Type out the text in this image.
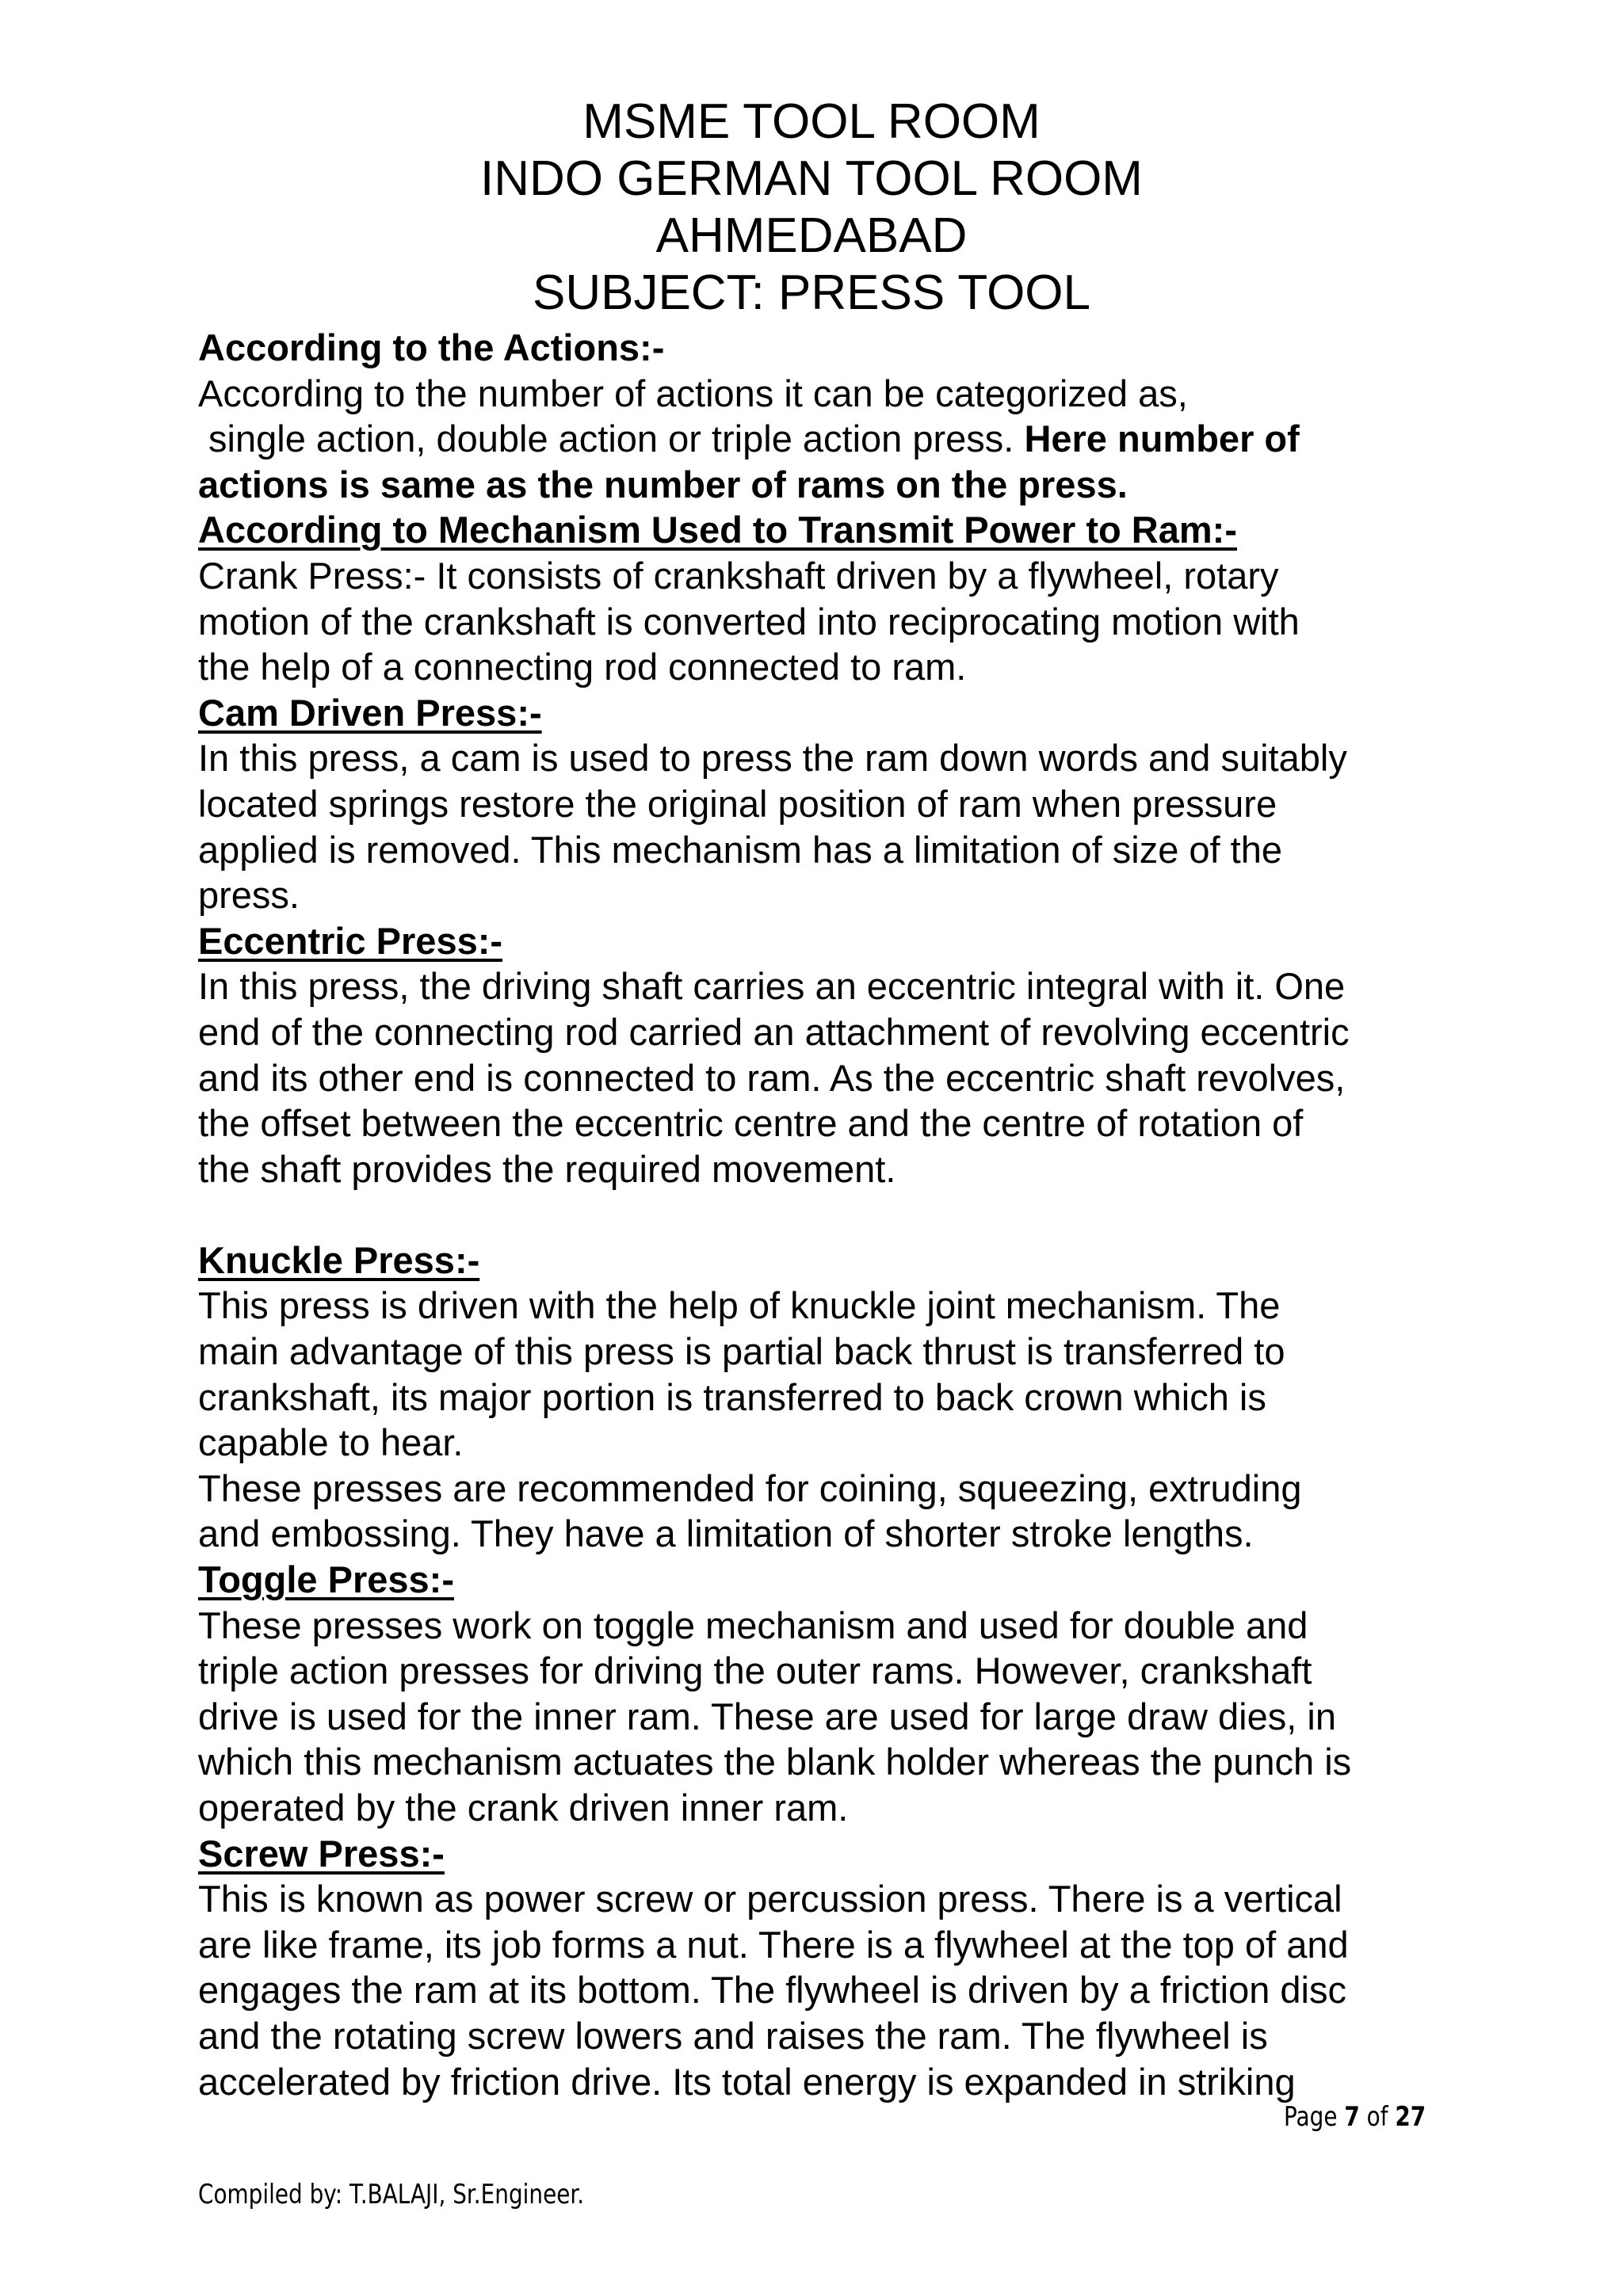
MSME TOOL ROOM
INDO GERMAN TOOL ROOM
AHMEDABAD
SUBJECT: PRESS TOOL
According to the Actions:-
According to the number of actions it can be categorized as,
single action, double action or triple action press. Here number of
actions is same as the number of rams on the press.
According to Mechanism Used to Transmit Power to Ram:-
Crank Press:- It consists of crankshaft driven by a flywheel, rotary
motion of the crankshaft is converted into reciprocating motion with
the help of a connecting rod connected to ram.
Cam Driven Press:-
In this press, a cam is used to press the ram down words and suitably
located springs restore the original position of ram when pressure
applied is removed. This mechanism has a limitation of size of the
press.
Eccentric Press:-
In this press, the driving shaft carries an eccentric integral with it. One
end of the connecting rod carried an attachment of revolving eccentric
and its other end is connected to ram. As the eccentric shaft revolves,
the offset between the eccentric centre and the centre of rotation of
the shaft provides the required movement.
Knuckle Press:-
This press is driven with the help of knuckle joint mechanism. The
main advantage of this press is partial back thrust is transferred to
crankshaft, its major portion is transferred to back crown which is
capable to hear.
These presses are recommended for coining, squeezing, extruding
and embossing. They have a limitation of shorter stroke lengths.
Toggle Press:-
These presses work on toggle mechanism and used for double and
triple action presses for driving the outer rams. However, crankshaft
drive is used for the inner ram. These are used for large draw dies, in
which this mechanism actuates the blank holder whereas the punch is
operated by the crank driven inner ram.
Screw Press:-
This is known as power screw or percussion press. There is a vertical
are like frame, its job forms a nut. There is a flywheel at the top of and
engages the ram at its bottom. The flywheel is driven by a friction disc
and the rotating screw lowers and raises the ram. The flywheel is
accelerated by friction drive. Its total energy is expanded in striking
Page 7 of 27
Compiled by: T.BALAJI, Sr.Engineer.
